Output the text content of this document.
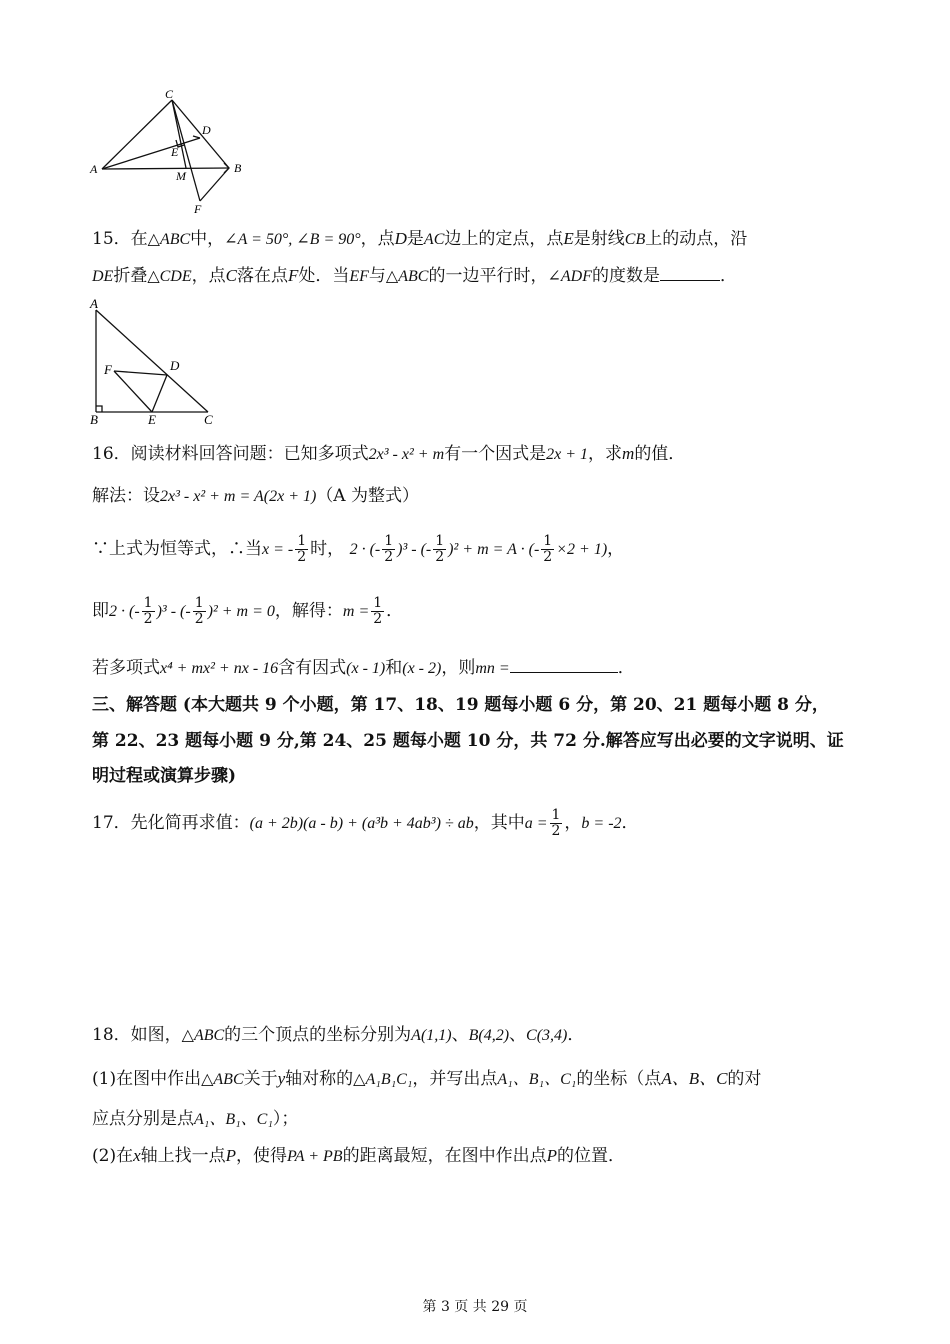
C
D
E
A	M
B
F
15．在△ABC中，∠A = 50°, ∠B = 90°，点D是AC边上的定点，点E是射线CB上的动点，沿
DE折叠△CDE，点C落在点F处．当EF与△ABC的一边平行时，∠ADF的度数是	．
A
F	D
B	E	C
16．阅读材料回答问题：已知多项式2x³ - x² + m有一个因式是2x + 1，求m的值．
解法：设2x³ - x² + m = A(2x + 1)（A 为整式）
∵上式为恒等式，∴当x = - $\frac{1}{2}$ 时， 2 · (- $\frac{1}{2} )^3$ - (- $\frac{1}{2} )^2 + m = A$ · (- $\frac{1}{2} \times 2 + 1$)，
即2 · (- $\frac{1}{2} )^3$ - (- $\frac{1}{2} )^2 + m = 0$，解得：$m = \frac{1}{2}$ ．
若多项式x⁴ + mx² + nx - 16含有因式(x - 1)和(x - 2)，则mn =	．
三、解答题 (本大题共 9 个小题，第 17、18、19 题每小题 6 分，第 20、21 题每小题 8 分，
第 22、23 题每小题 9 分,第 24、25 题每小题 10 分，共 72 分.解答应写出必要的文字说明、证
明过程或演算步骤)
17．先化简再求值：(a + 2b)(a - b) + (a³b + 4ab³) ÷ ab，其中$a = \frac{1}{2}$ ，b = -2．
18．如图，△ABC的三个顶点的坐标分别为A(1,1)、B(4,2)、C(3,4)．
(1)在图中作出△ABC关于y轴对称的△A₁B₁C₁，并写出点A₁、B₁、C₁的坐标（点A、B、C的对
应点分别是点A₁、B₁、C₁）；
(2)在x轴上找一点P，使得PA + PB的距离最短，在图中作出点P的位置．
第 3 页 共 29 页
